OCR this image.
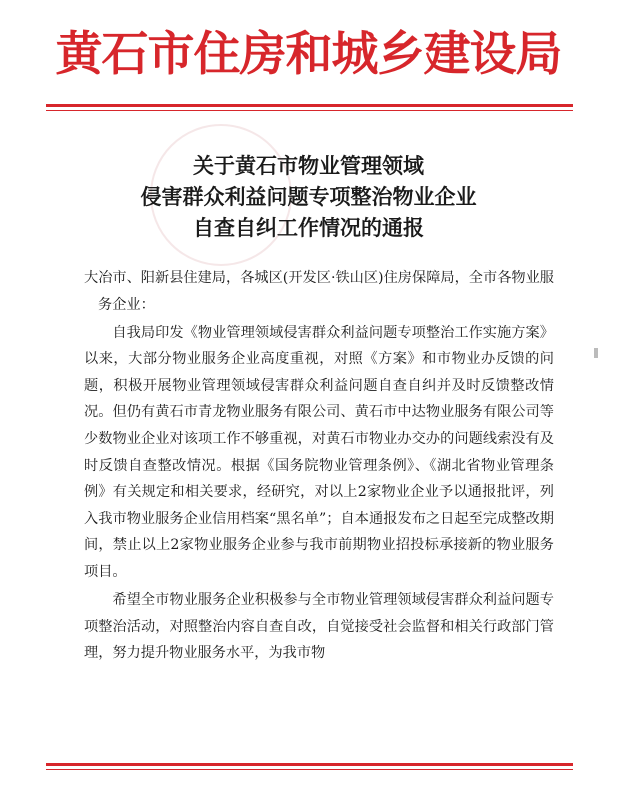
黄石市住房和城乡建设局
关于黄石市物业管理领域
侵害群众利益问题专项整治物业企业
自查自纠工作情况的通报

大冶市、阳新县住建局，各城区(开发区·铁山区)住房保障局，全市各物业服务企业：

自我局印发《物业管理领域侵害群众利益问题专项整治工作实施方案》以来，大部分物业服务企业高度重视，对照《方案》和市物业办反馈的问题，积极开展物业管理领域侵害群众利益问题自查自纠并及时反馈整改情况。但仍有黄石市青龙物业服务有限公司、黄石市中达物业服务有限公司等少数物业企业对该项工作不够重视，对黄石市物业办交办的问题线索没有及时反馈自查整改情况。根据《国务院物业管理条例》、《湖北省物业管理条例》有关规定和相关要求，经研究，对以上2家物业企业予以通报批评，列入我市物业服务企业信用档案“黑名单”；自本通报发布之日起至完成整改期间，禁止以上2家物业服务企业参与我市前期物业招投标承接新的物业服务项目。

希望全市物业服务企业积极参与全市物业管理领域侵害群众利益问题专项整治活动，对照整治内容自查自改，自觉接受社会监督和相关行政部门管理，努力提升物业服务水平，为我市物
